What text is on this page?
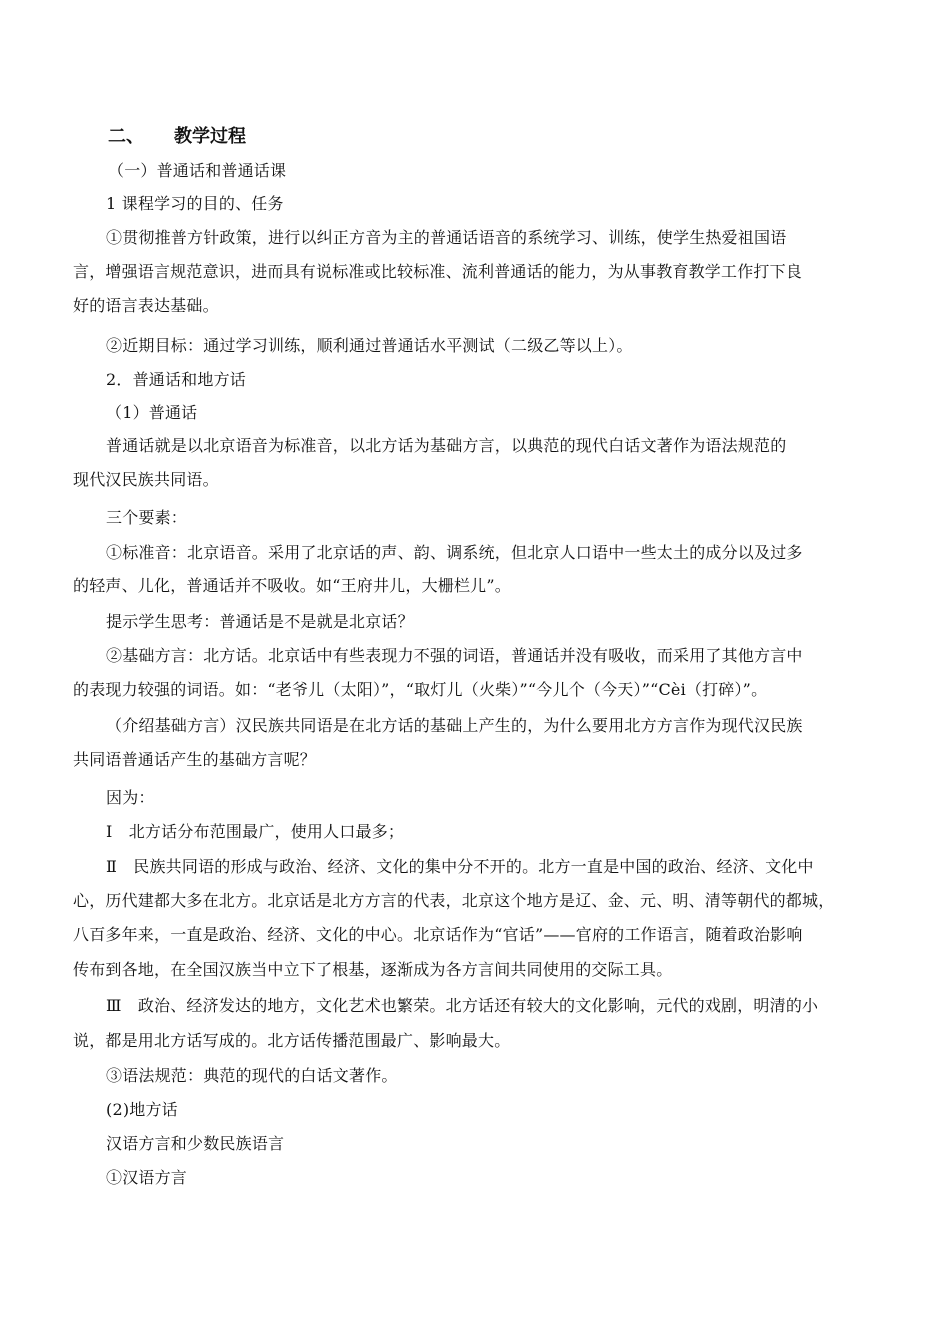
二、 教学过程
（一）普通话和普通话课
1 课程学习的目的、任务
①贯彻推普方针政策，进行以纠正方音为主的普通话语音的系统学习、训练，使学生热爱祖国语
言，增强语言规范意识，进而具有说标准或比较标准、流利普通话的能力，为从事教育教学工作打下良
好的语言表达基础。
②近期目标：通过学习训练，顺利通过普通话水平测试（二级乙等以上）。
2．普通话和地方话
（1）普通话
普通话就是以北京语音为标准音，以北方话为基础方言，以典范的现代白话文著作为语法规范的
现代汉民族共同语。
三个要素：
①标准音：北京语音。采用了北京话的声、韵、调系统，但北京人口语中一些太土的成分以及过多
的轻声、儿化，普通话并不吸收。如“王府井儿，大栅栏儿”。
提示学生思考：普通话是不是就是北京话？
②基础方言：北方话。北京话中有些表现力不强的词语，普通话并没有吸收，而采用了其他方言中
的表现力较强的词语。如：“老爷儿（太阳）”，“取灯儿（火柴）”“今儿个（今天）”“Cèi（打碎）”。
（介绍基础方言）汉民族共同语是在北方话的基础上产生的，为什么要用北方方言作为现代汉民族
共同语普通话产生的基础方言呢？
因为：
Ⅰ　北方话分布范围最广，使用人口最多；
Ⅱ　民族共同语的形成与政治、经济、文化的集中分不开的。北方一直是中国的政治、经济、文化中
心，历代建都大多在北方。北京话是北方方言的代表，北京这个地方是辽、金、元、明、清等朝代的都城，
八百多年来，一直是政治、经济、文化的中心。北京话作为“官话”——官府的工作语言，随着政治影响
传布到各地，在全国汉族当中立下了根基，逐渐成为各方言间共同使用的交际工具。
Ⅲ　政治、经济发达的地方，文化艺术也繁荣。北方话还有较大的文化影响，元代的戏剧，明清的小
说，都是用北方话写成的。北方话传播范围最广、影响最大。
③语法规范：典范的现代的白话文著作。
(2)地方话
汉语方言和少数民族语言
①汉语方言
